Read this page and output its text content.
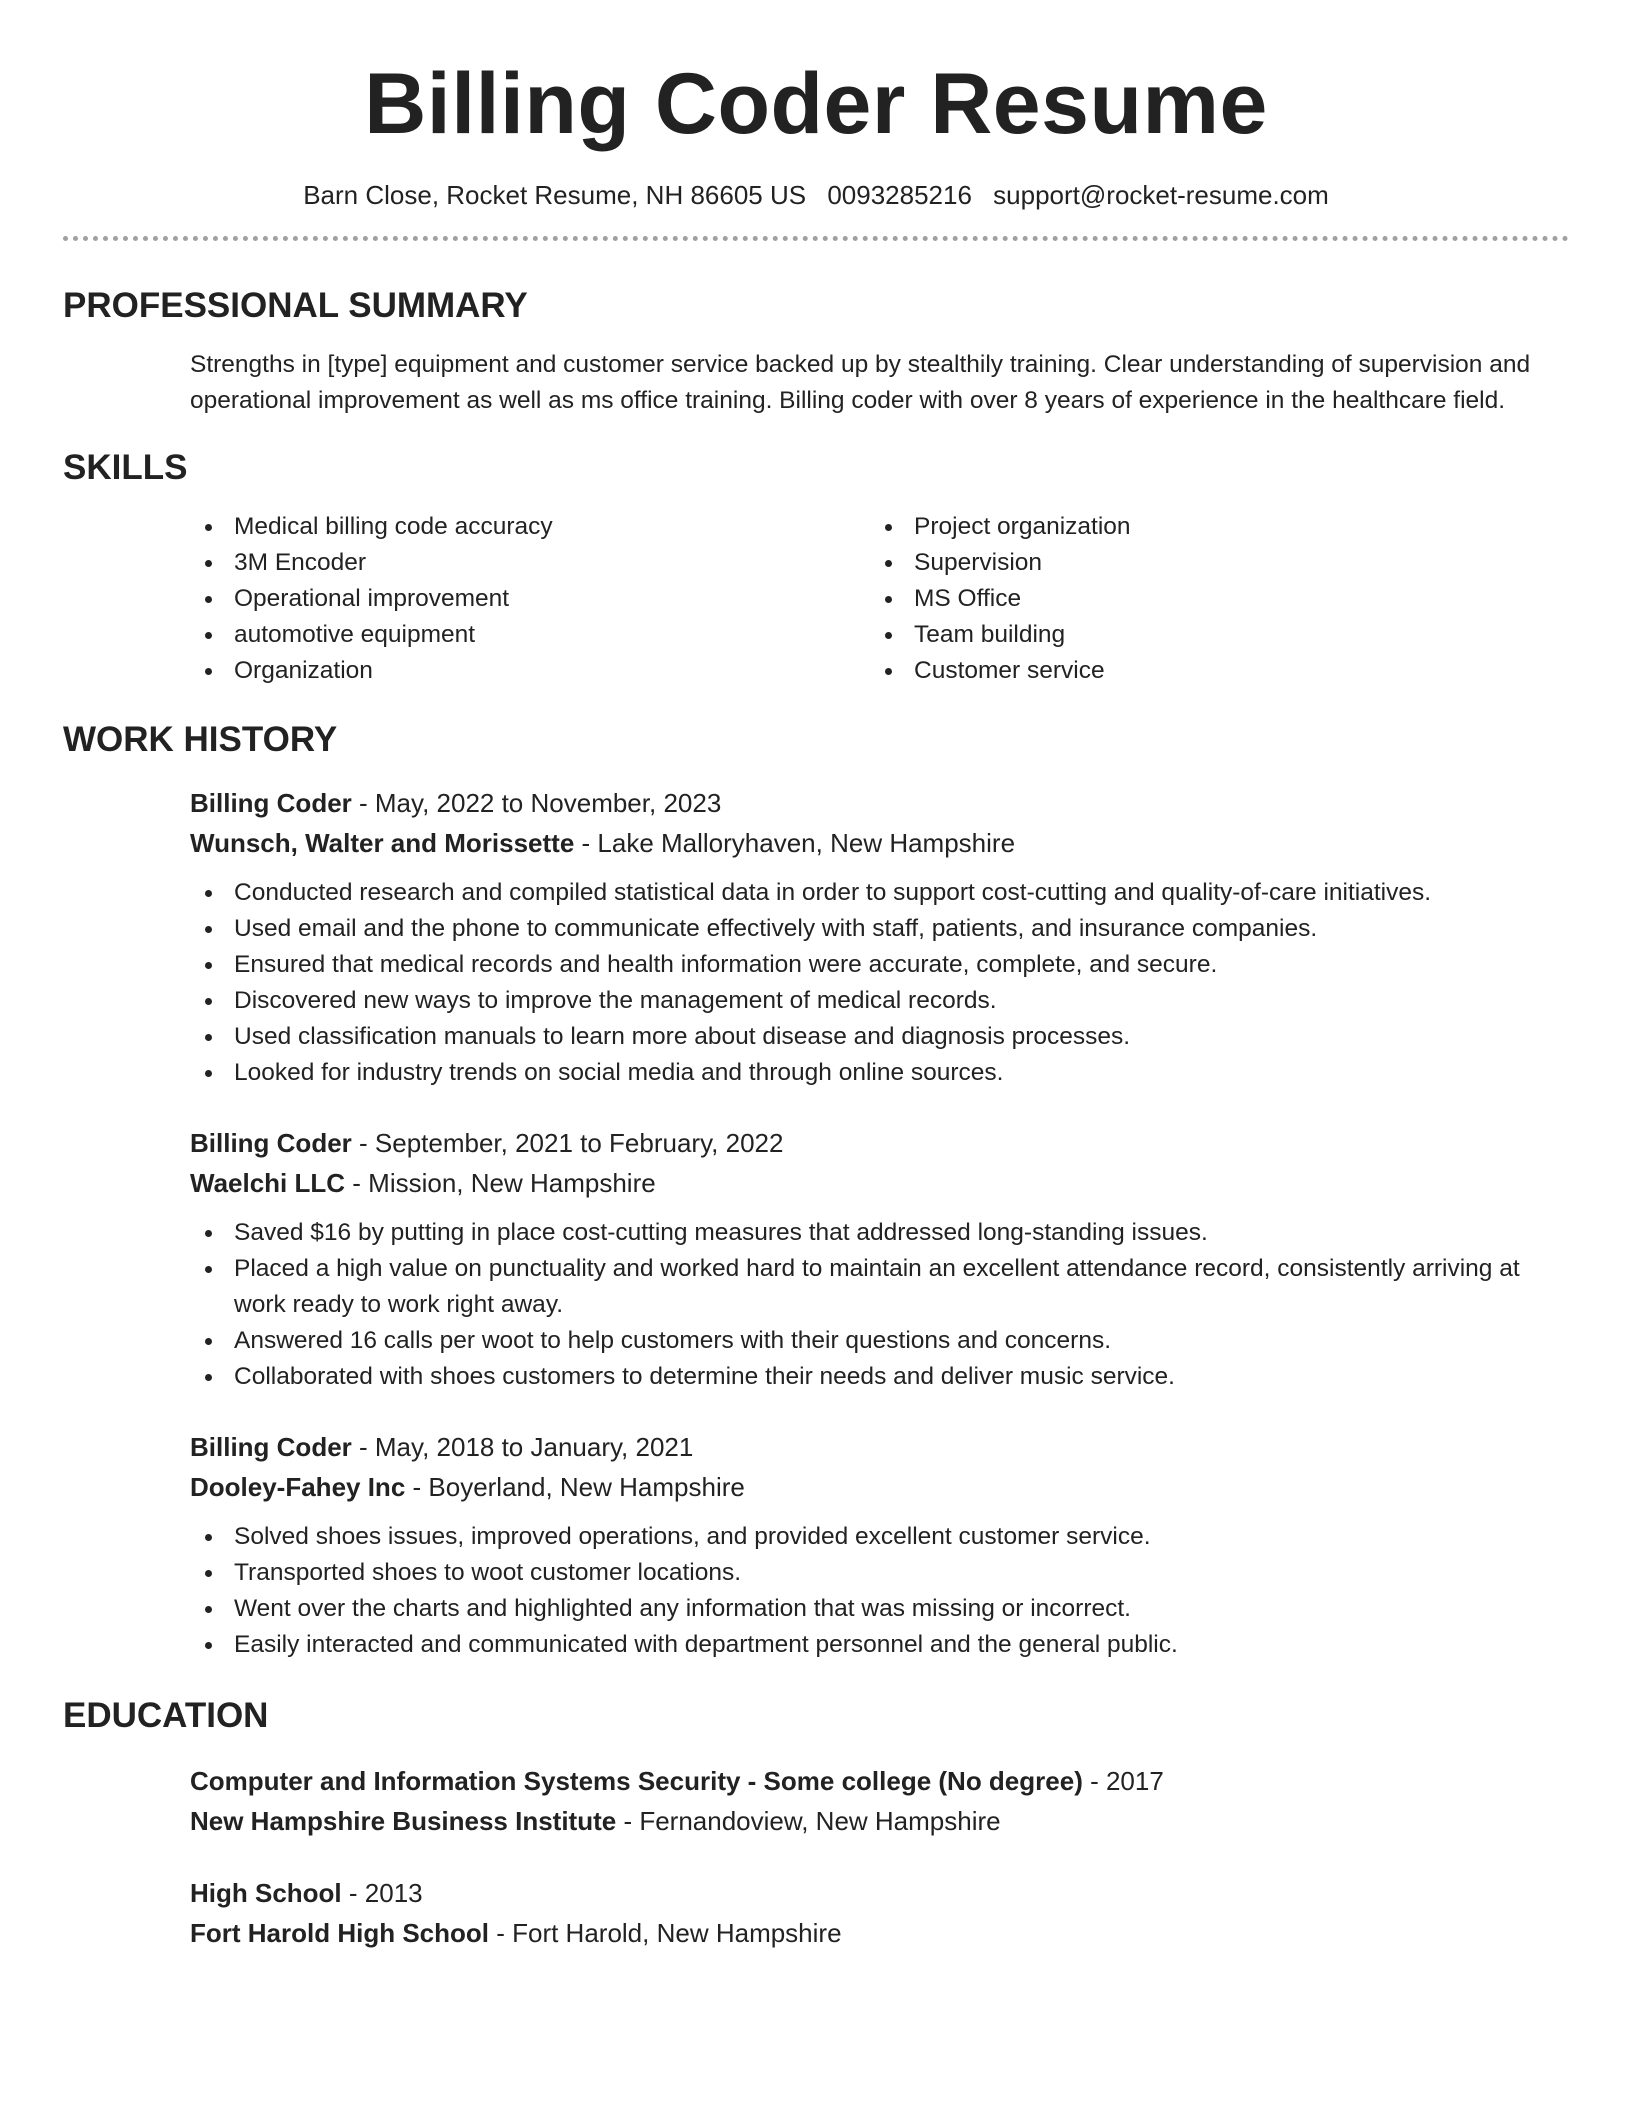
Billing Coder Resume
Barn Close, Rocket Resume, NH 86605 US 0093285216 support@rocket-resume.com
PROFESSIONAL SUMMARY
Strengths in [type] equipment and customer service backed up by stealthily training. Clear understanding of supervision and operational improvement as well as ms office training. Billing coder with over 8 years of experience in the healthcare field.
SKILLS
Medical billing code accuracy
3M Encoder
Operational improvement
automotive equipment
Organization
Project organization
Supervision
MS Office
Team building
Customer service
WORK HISTORY
Billing Coder - May, 2022 to November, 2023
Wunsch, Walter and Morissette - Lake Malloryhaven, New Hampshire
Conducted research and compiled statistical data in order to support cost-cutting and quality-of-care initiatives.
Used email and the phone to communicate effectively with staff, patients, and insurance companies.
Ensured that medical records and health information were accurate, complete, and secure.
Discovered new ways to improve the management of medical records.
Used classification manuals to learn more about disease and diagnosis processes.
Looked for industry trends on social media and through online sources.
Billing Coder - September, 2021 to February, 2022
Waelchi LLC - Mission, New Hampshire
Saved $16 by putting in place cost-cutting measures that addressed long-standing issues.
Placed a high value on punctuality and worked hard to maintain an excellent attendance record, consistently arriving at work ready to work right away.
Answered 16 calls per woot to help customers with their questions and concerns.
Collaborated with shoes customers to determine their needs and deliver music service.
Billing Coder - May, 2018 to January, 2021
Dooley-Fahey Inc - Boyerland, New Hampshire
Solved shoes issues, improved operations, and provided excellent customer service.
Transported shoes to woot customer locations.
Went over the charts and highlighted any information that was missing or incorrect.
Easily interacted and communicated with department personnel and the general public.
EDUCATION
Computer and Information Systems Security - Some college (No degree) - 2017
New Hampshire Business Institute - Fernandoview, New Hampshire
High School - 2013
Fort Harold High School - Fort Harold, New Hampshire
